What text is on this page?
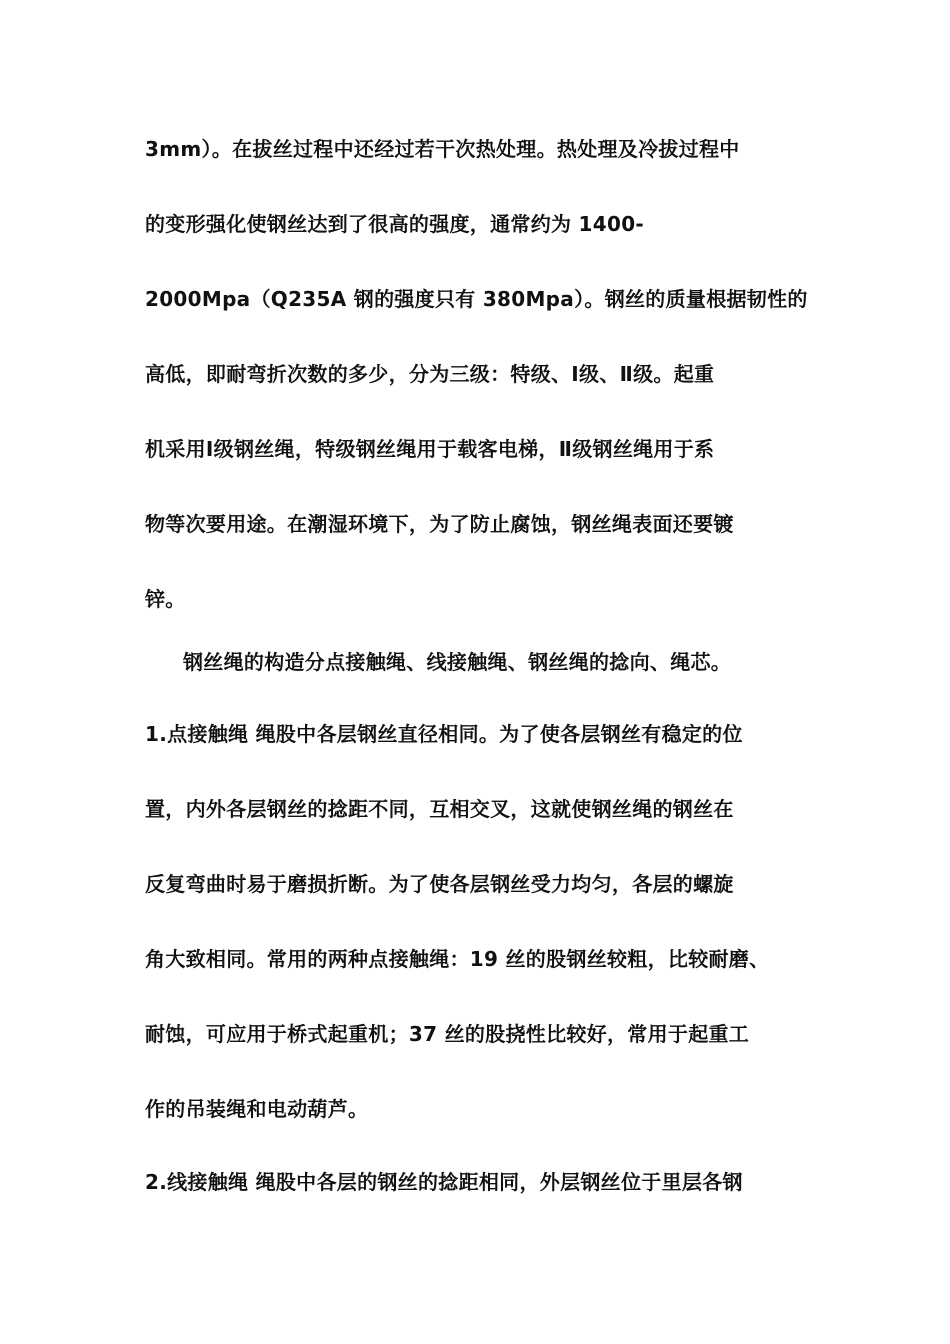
3mm）。在拔丝过程中还经过若干次热处理。热处理及冷拔过程中
的变形强化使钢丝达到了很高的强度，通常约为 1400-
2000Mpa（Q235A 钢的强度只有 380Mpa）。钢丝的质量根据韧性的
高低，即耐弯折次数的多少，分为三级：特级、Ⅰ级、Ⅱ级。起重
机采用Ⅰ级钢丝绳，特级钢丝绳用于载客电梯，Ⅱ级钢丝绳用于系
物等次要用途。在潮湿环境下，为了防止腐蚀，钢丝绳表面还要镀
锌。
钢丝绳的构造分点接触绳、线接触绳、钢丝绳的捻向、绳芯。
1.点接触绳 绳股中各层钢丝直径相同。为了使各层钢丝有稳定的位
置，内外各层钢丝的捻距不同，互相交叉，这就使钢丝绳的钢丝在
反复弯曲时易于磨损折断。为了使各层钢丝受力均匀，各层的螺旋
角大致相同。常用的两种点接触绳：19 丝的股钢丝较粗，比较耐磨、
耐蚀，可应用于桥式起重机；37 丝的股挠性比较好，常用于起重工
作的吊装绳和电动葫芦。
2.线接触绳 绳股中各层的钢丝的捻距相同，外层钢丝位于里层各钢
